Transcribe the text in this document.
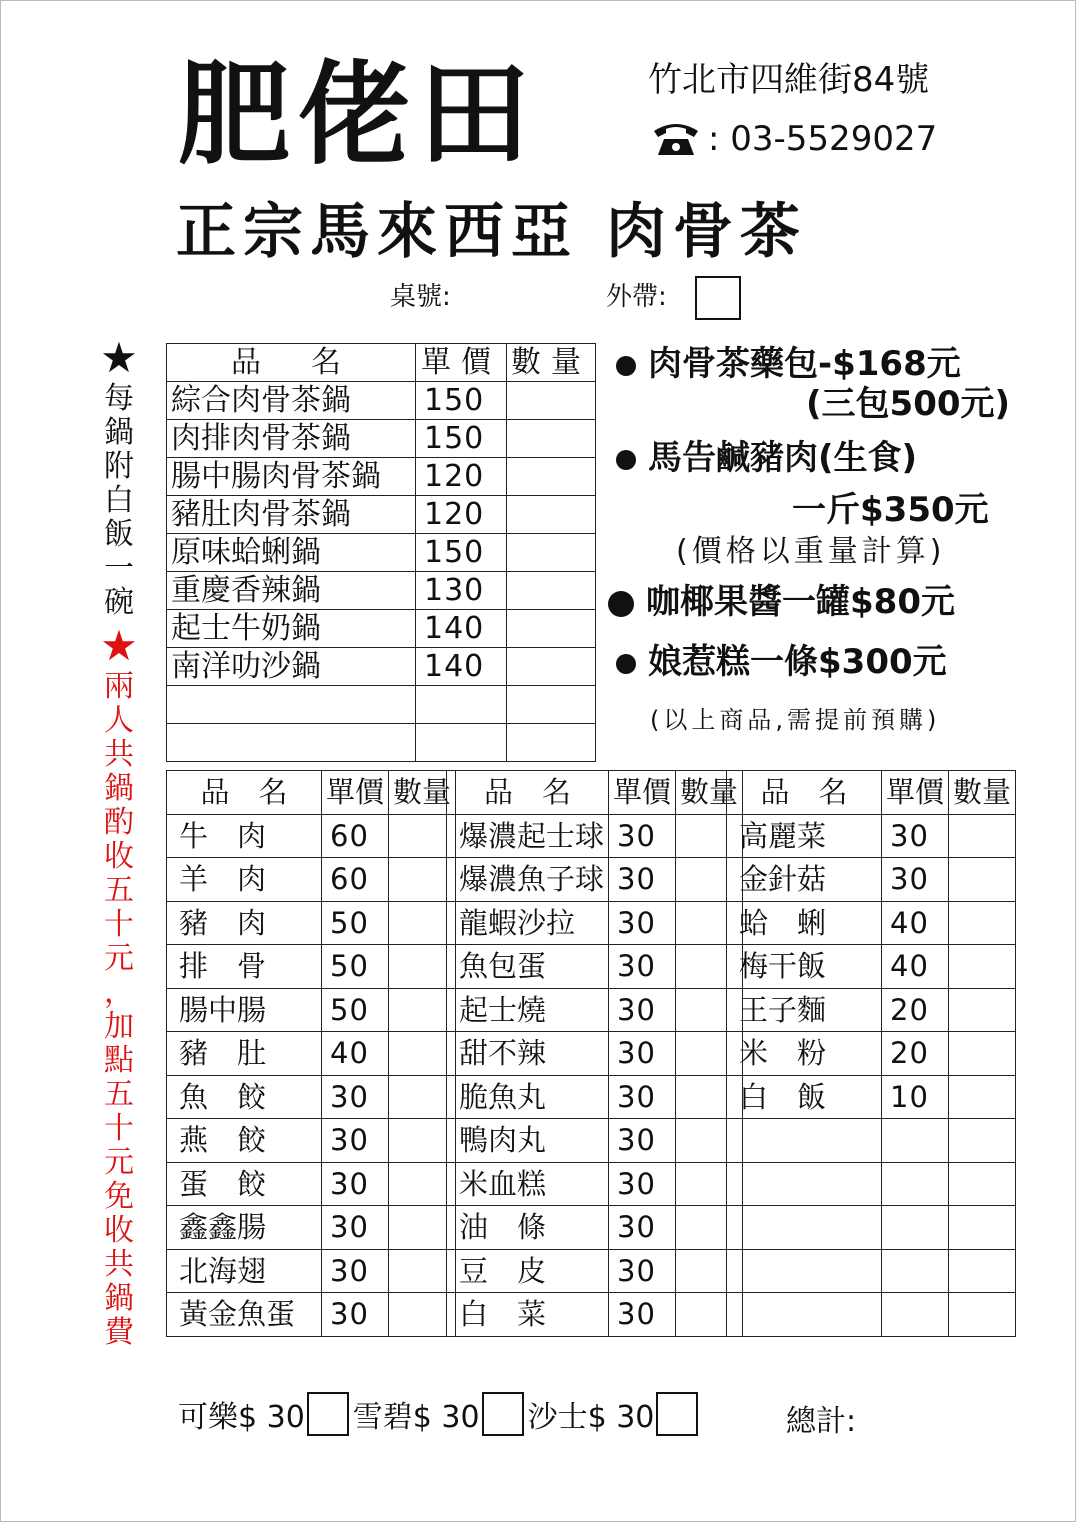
肥佬田	竹北市四維街84號
: 03-5529027
正宗馬來西亞 肉骨茶
桌號:	外帶:
★
每
鍋
附
白
飯
一
碗
★
兩
人
共
鍋
酌
收
五
十
元
，
加
點
五
十
元
免
收
共
鍋
費
品　名	單價	數量
綜合肉骨茶鍋	150	
肉排肉骨茶鍋	150	
腸中腸肉骨茶鍋	120	
豬肚肉骨茶鍋	120	
原味蛤蜊鍋	150	
重慶香辣鍋	130	
起士牛奶鍋	140	
南洋叻沙鍋	140	

肉骨茶藥包-$168元
(三包500元)
馬告鹹豬肉(生食)
一斤$350元
(價格以重量計算)
咖椰果醬一罐$80元
娘惹糕一條$300元
(以上商品,需提前預購)
品　名	單價	數量
牛　肉	60	
羊　肉	60	
豬　肉	50	
排　骨	50	
腸中腸	50	
豬　肚	40	
魚　餃	30	
燕　餃	30	
蛋　餃	30	
鑫鑫腸	30	
北海翅	30	
黃金魚蛋	30	
品　名	單價	數量
爆濃起士球	30	
爆濃魚子球	30	
龍蝦沙拉	30	
魚包蛋	30	
起士燒	30	
甜不辣	30	
脆魚丸	30	
鴨肉丸	30	
米血糕	30	
油　條	30	
豆　皮	30	
白　菜	30	
品　名	單價	數量
高麗菜	30	
金針菇	30	
蛤　蜊	40	
梅干飯	40	
王子麵	20	
米　粉	20	
白　飯	10	

可樂$ 30 雪碧$ 30 沙士$ 30	總計:
